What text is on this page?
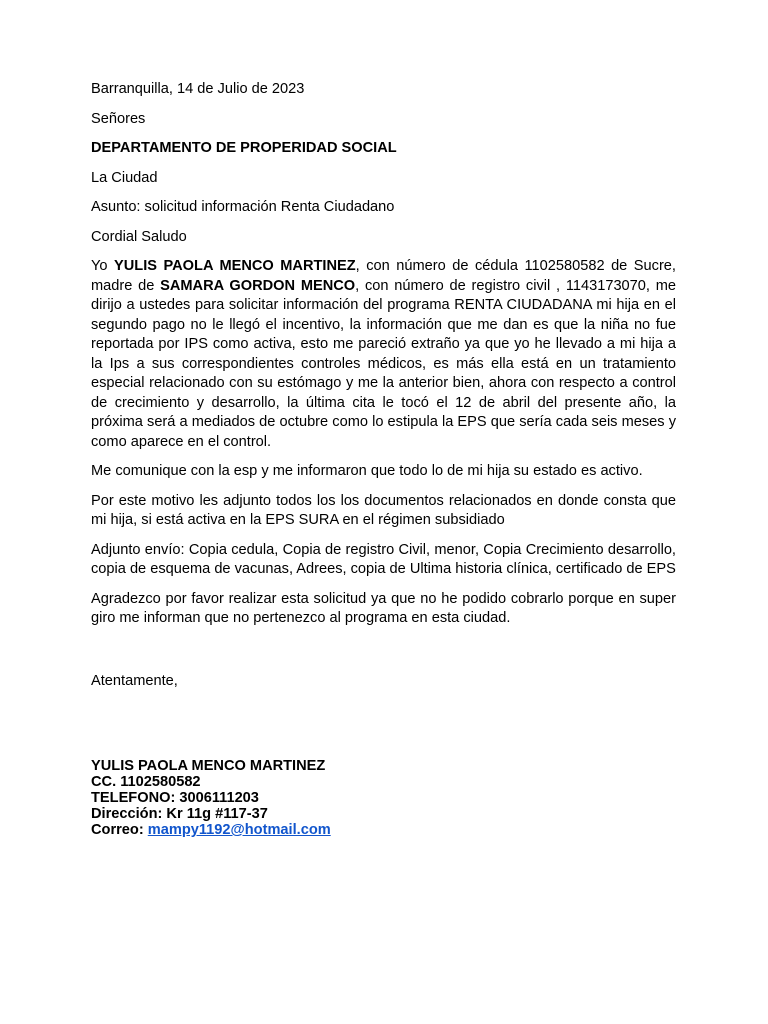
Barranquilla, 14 de Julio de 2023
Señores
DEPARTAMENTO DE PROPERIDAD SOCIAL
La Ciudad
Asunto: solicitud información Renta Ciudadano
Cordial Saludo

Yo YULIS PAOLA MENCO MARTINEZ, con número de cédula 1102580582 de Sucre, madre de SAMARA GORDON MENCO, con número de registro civil , 1143173070, me dirijo a ustedes para solicitar información del programa RENTA CIUDADANA mi hija en el segundo pago no le llegó el incentivo, la información que me dan es que la niña no fue reportada por IPS como activa, esto me pareció extraño ya que yo he llevado a mi hija a la Ips a sus correspondientes controles médicos, es más ella está en un tratamiento especial relacionado con su estómago y me la anterior bien, ahora con respecto a control de crecimiento y desarrollo, la última cita le tocó el 12 de abril del presente año, la próxima será a mediados de octubre como lo estipula la EPS que sería cada seis meses y como aparece en el control.

Me comunique con la esp y me informaron que todo lo de mi hija su estado es activo.

Por este motivo les adjunto todos los los documentos relacionados en donde consta que mi hija, si está activa en la EPS SURA en el régimen subsidiado

Adjunto envío: Copia cedula, Copia de registro Civil, menor, Copia Crecimiento desarrollo, copia de esquema de vacunas, Adrees, copia de Ultima historia clínica, certificado de EPS

Agradezco por favor realizar esta solicitud ya que no he podido cobrarlo porque en super giro me informan que no pertenezco al programa en esta ciudad.

Atentamente,
YULIS PAOLA MENCO MARTINEZ
CC. 1102580582
TELEFONO: 3006111203
Dirección: Kr 11g #117-37
Correo: mampy1192@hotmail.com
